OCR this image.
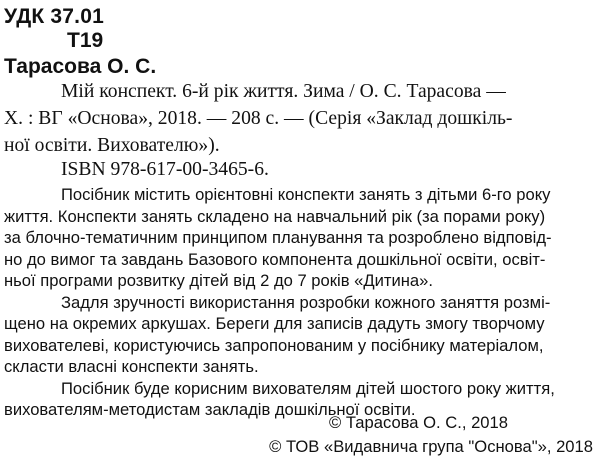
УДК 37.01
Т19
Тарасова О. С.
Мій конспект. 6-й рік життя. Зима / О. С. Тарасова —
Х. : ВГ «Основа», 2018. — 208 с. — (Серія «Заклад дошкіль-
ної освіти. Вихователю»).
ISBN 978-617-00-3465-6.
Посібник містить орієнтовні конспекти занять з дітьми 6-го року
життя. Конспекти занять складено на навчальний рік (за порами року)
за блочно-тематичним принципом планування та розроблено відповід-
но до вимог та завдань Базового компонента дошкільної освіти, освіт-
ньої програми розвитку дітей від 2 до 7 років «Дитина».
Задля зручності використання розробки кожного заняття розмі-
щено на окремих аркушах. Береги для записів дадуть змогу творчому
вихователеві, користуючись запропонованим у посібнику матеріалом,
скласти власні конспекти занять.
Посібник буде корисним вихователям дітей шостого року життя,
вихователям-методистам закладів дошкільної освіти.
© Тарасова О. С., 2018
© ТОВ «Видавнича група "Основа"», 2018
